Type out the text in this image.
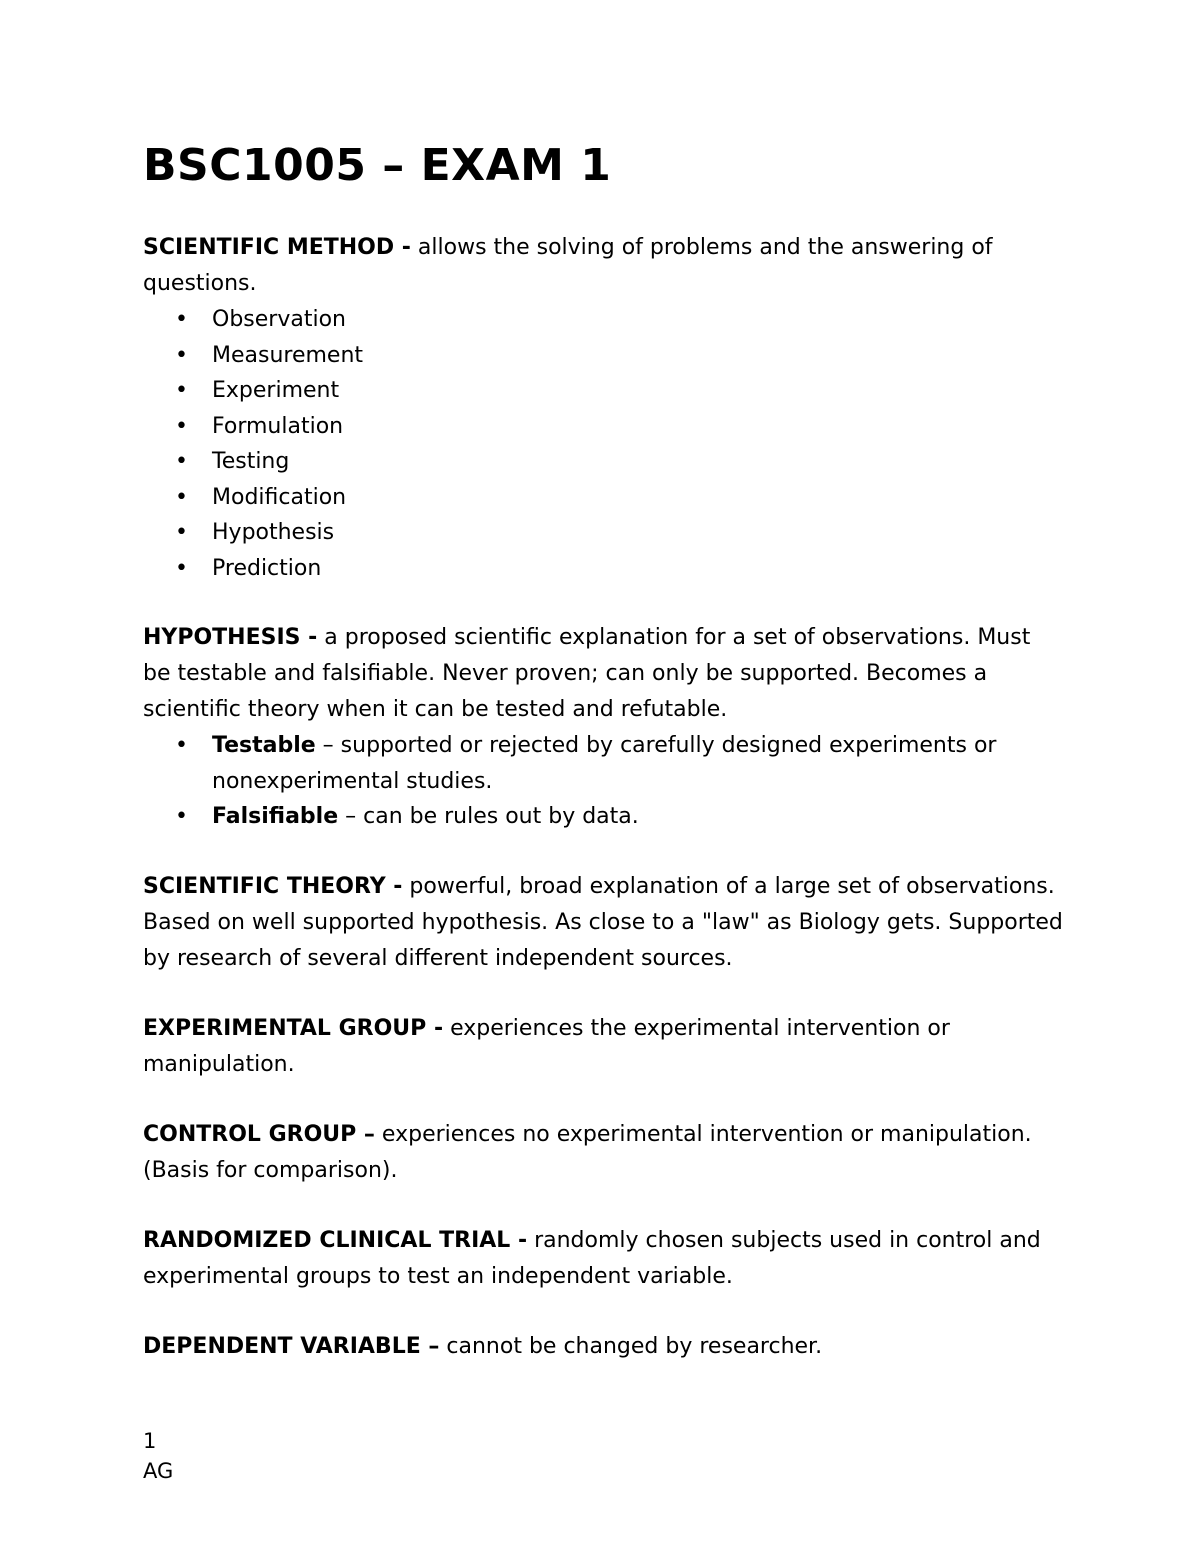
BSC1005 – EXAM 1

SCIENTIFIC METHOD - allows the solving of problems and the answering of questions.

• Observation
• Measurement
• Experiment
• Formulation
• Testing
• Modification
• Hypothesis
• Prediction

HYPOTHESIS - a proposed scientific explanation for a set of observations. Must be testable and falsifiable. Never proven; can only be supported. Becomes a scientific theory when it can be tested and refutable.

• Testable – supported or rejected by carefully designed experiments or nonexperimental studies.
• Falsifiable – can be rules out by data.

SCIENTIFIC THEORY - powerful, broad explanation of a large set of observations. Based on well supported hypothesis. As close to a "law" as Biology gets. Supported by research of several different independent sources.

EXPERIMENTAL GROUP - experiences the experimental intervention or manipulation.

CONTROL GROUP – experiences no experimental intervention or manipulation. (Basis for comparison).

RANDOMIZED CLINICAL TRIAL - randomly chosen subjects used in control and experimental groups to test an independent variable.

DEPENDENT VARIABLE – cannot be changed by researcher.

1
AG
